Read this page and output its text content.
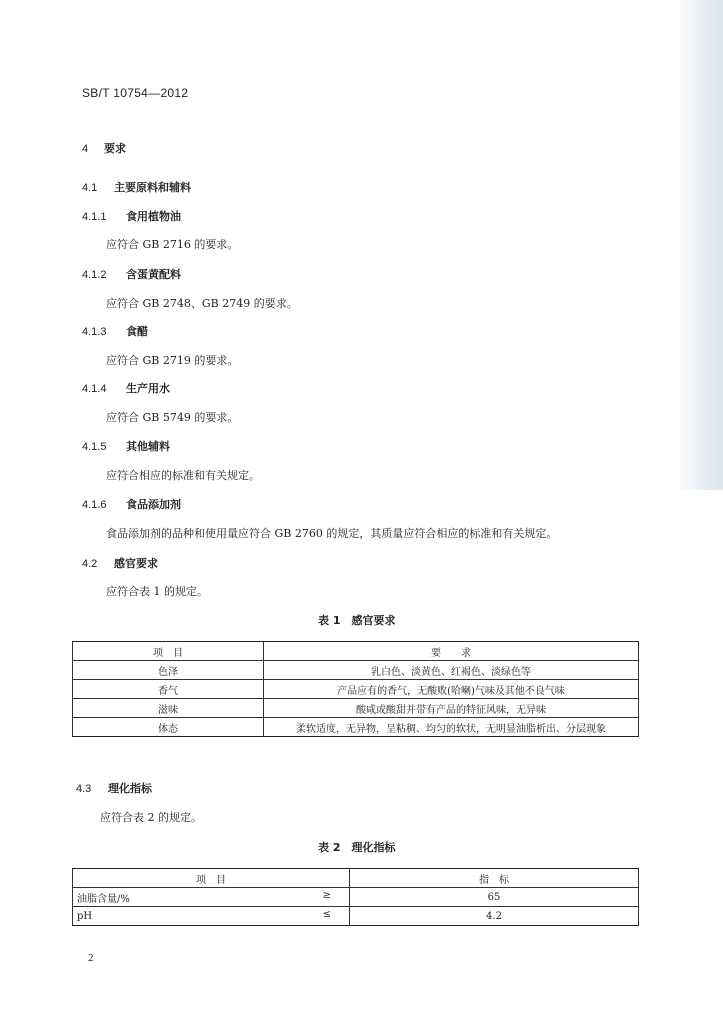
SB/T 10754—2012
4 要求
4.1 主要原料和辅料
4.1.1 食用植物油
应符合 GB 2716 的要求。
4.1.2 含蛋黄配料
应符合 GB 2748、GB 2749 的要求。
4.1.3 食醋
应符合 GB 2719 的要求。
4.1.4 生产用水
应符合 GB 5749 的要求。
4.1.5 其他辅料
应符合相应的标准和有关规定。
4.1.6 食品添加剂
食品添加剂的品种和使用量应符合 GB 2760 的规定，其质量应符合相应的标准和有关规定。
4.2 感官要求
应符合表 1 的规定。
表 1　感官要求
项　目	要　　求
色泽	乳白色、淡黄色、红褐色、淡绿色等
香气	产品应有的香气，无酸败(哈喇)气味及其他不良气味
滋味	酸咸或酸甜并带有产品的特征风味，无异味
体态	柔软适度，无异物，呈粘稠、均匀的软状，无明显油脂析出、分层现象
4.3 理化指标
应符合表 2 的规定。
表 2　理化指标
项　目	指　标
油脂含量/% ≥	65
pH ≤	4.2
2
